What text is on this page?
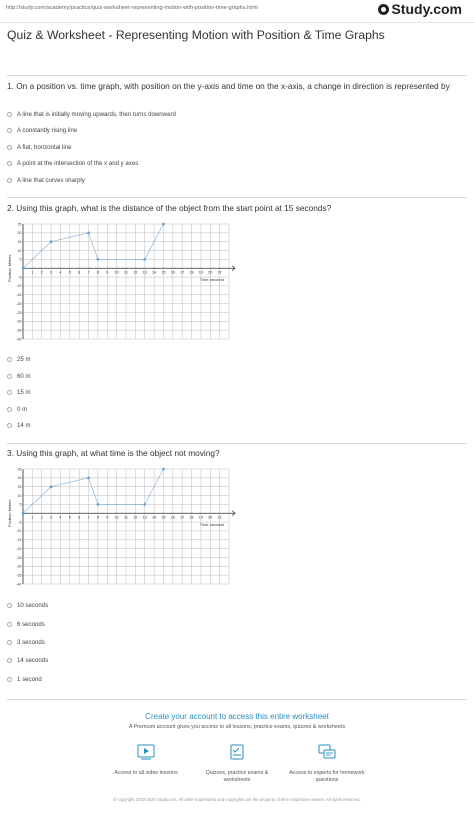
http://study.com/academy/practice/quiz-worksheet-representing-motion-with-position-time-graphs.html	Study.com
Quiz & Worksheet - Representing Motion with Position & Time Graphs
1. On a position vs. time graph, with position on the y-axis and time on the x-axis, a change in direction is represented by
A line that is initially moving upwards, then turns downward
A constantly rising line
A flat, horizontal line
A point at the intersection of the x and y axes
A line that curves sharply
2. Using this graph, what is the distance of the object from the start point at 15 seconds?
1 2 3 4 5 6 7 8 9 10 11 12 13 14 15 16 17 18 19 20 21
25
20
15
10
5
-5
-10
-15
-20
-25
-30
-35
-40
Time: seconds
Position: Meters
25 m
60 m
15 m
0 m
14 m
3. Using this graph, at what time is the object not moving?
1 2 3 4 5 6 7 8 9 10 11 12 13 14 15 16 17 18 19 20 21
25
20
15
10
5
-5
-10
-15
-20
-25
-30
-35
-40
Time: seconds
Position: Meters
10 seconds
6 seconds
3 seconds
14 seconds
1 second
Create your account to access this entire worksheet
A Premium account gives you access to all lessons, practice exams, quizzes & worksheets
Access to all video lessons	Quizzes, practice exams & worksheets
Access to experts for homework questions
© copyright 2003-2020 Study.com. All other trademarks and copyrights are the property of their respective owners. All rights reserved.
